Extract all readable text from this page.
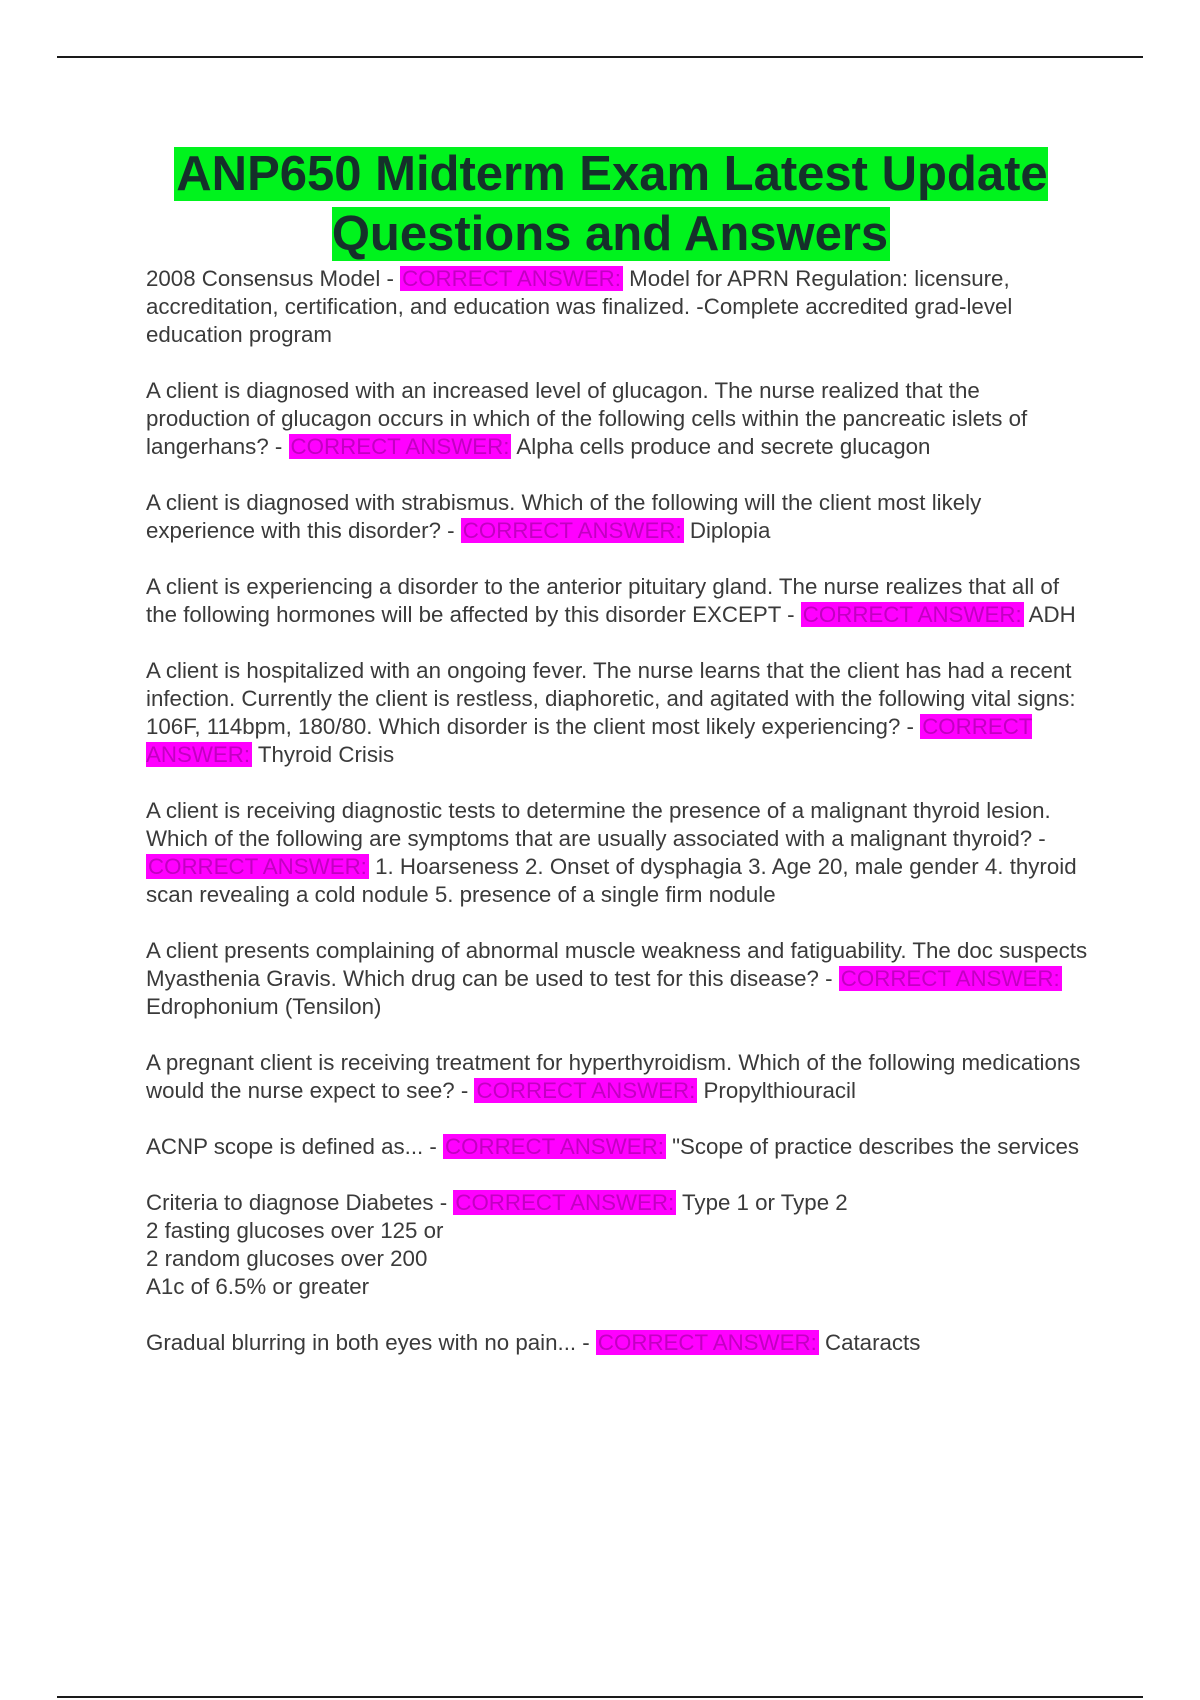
ANP650 Midterm Exam Latest Update Questions and Answers

2008 Consensus Model - CORRECT ANSWER: Model for APRN Regulation: licensure, accreditation, certification, and education was finalized. -Complete accredited grad-level education program

A client is diagnosed with an increased level of glucagon. The nurse realized that the production of glucagon occurs in which of the following cells within the pancreatic islets of langerhans? - CORRECT ANSWER: Alpha cells produce and secrete glucagon

A client is diagnosed with strabismus. Which of the following will the client most likely experience with this disorder? - CORRECT ANSWER: Diplopia

A client is experiencing a disorder to the anterior pituitary gland. The nurse realizes that all of the following hormones will be affected by this disorder EXCEPT - CORRECT ANSWER: ADH

A client is hospitalized with an ongoing fever. The nurse learns that the client has had a recent infection. Currently the client is restless, diaphoretic, and agitated with the following vital signs: 106F, 114bpm, 180/80. Which disorder is the client most likely experiencing? - CORRECT ANSWER: Thyroid Crisis

A client is receiving diagnostic tests to determine the presence of a malignant thyroid lesion. Which of the following are symptoms that are usually associated with a malignant thyroid? - CORRECT ANSWER: 1. Hoarseness 2. Onset of dysphagia 3. Age 20, male gender 4. thyroid scan revealing a cold nodule 5. presence of a single firm nodule

A client presents complaining of abnormal muscle weakness and fatiguability. The doc suspects Myasthenia Gravis. Which drug can be used to test for this disease? - CORRECT ANSWER: Edrophonium (Tensilon)

A pregnant client is receiving treatment for hyperthyroidism. Which of the following medications would the nurse expect to see? - CORRECT ANSWER: Propylthiouracil

ACNP scope is defined as... - CORRECT ANSWER: "Scope of practice describes the services

Criteria to diagnose Diabetes - CORRECT ANSWER: Type 1 or Type 2
2 fasting glucoses over 125 or
2 random glucoses over 200
A1c of 6.5% or greater

Gradual blurring in both eyes with no pain... - CORRECT ANSWER: Cataracts
